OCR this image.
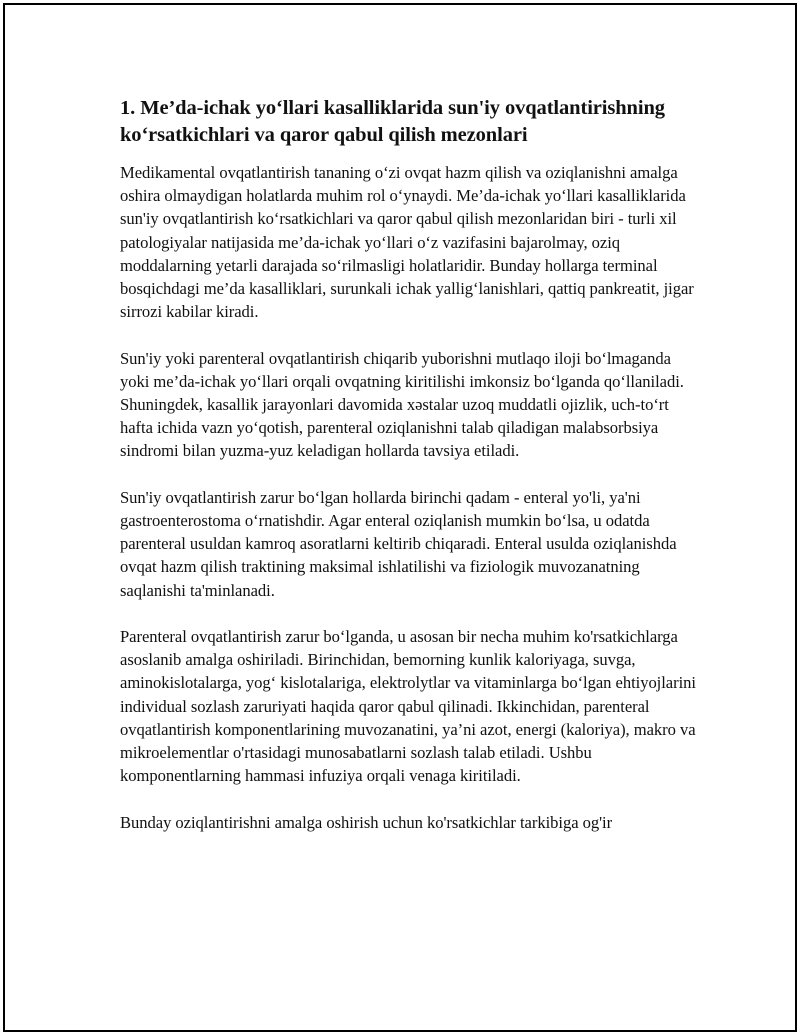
1. Me’da-ichak yo‘llari kasalliklarida sun'iy ovqatlantirishning ko‘rsatkichlari va qaror qabul qilish mezonlari

Medikamental ovqatlantirish tananing o‘zi ovqat hazm qilish va oziqlanishni amalga oshira olmaydigan holatlarda muhim rol o‘ynaydi. Me’da-ichak yo‘llari kasalliklarida sun'iy ovqatlantirish ko‘rsatkichlari va qaror qabul qilish mezonlaridan biri - turli xil patologiyalar natijasida me’da-ichak yo‘llari o‘z vazifasini bajarolmay, oziq moddalarning yetarli darajada so‘rilmasligi holatlaridir. Bunday hollarga terminal bosqichdagi me’da kasalliklari, surunkali ichak yallig‘lanishlari, qattiq pankreatit, jigar sirrozi kabilar kiradi.

Sun'iy yoki parenteral ovqatlantirish chiqarib yuborishni mutlaqo iloji bo‘lmaganda yoki me’da-ichak yo‘llari orqali ovqatning kiritilishi imkonsiz bo‘lganda qo‘llaniladi. Shuningdek, kasallik jarayonlari davomida xəstalar uzoq muddatli ojizlik, uch-to‘rt hafta ichida vazn yo‘qotish, parenteral oziqlanishni talab qiladigan malabsorbsiya sindromi bilan yuzma-yuz keladigan hollarda tavsiya etiladi.

Sun'iy ovqatlantirish zarur bo‘lgan hollarda birinchi qadam - enteral yo'li, ya'ni gastroenterostoma o‘rnatishdir. Agar enteral oziqlanish mumkin bo‘lsa, u odatda parenteral usuldan kamroq asoratlarni keltirib chiqaradi. Enteral usulda oziqlanishda ovqat hazm qilish traktining maksimal ishlatilishi va fiziologik muvozanatning saqlanishi ta'minlanadi.

Parenteral ovqatlantirish zarur bo‘lganda, u asosan bir necha muhim ko'rsatkichlarga asoslanib amalga oshiriladi. Birinchidan, bemorning kunlik kaloriyaga, suvga, aminokislotalarga, yog‘ kislotalariga, elektrolytlar va vitaminlarga bo‘lgan ehtiyojlarini individual sozlash zaruriyati haqida qaror qabul qilinadi. Ikkinchidan, parenteral ovqatlantirish komponentlarining muvozanatini, ya’ni azot, energi (kaloriya), makro va mikroelementlar o'rtasidagi munosabatlarni sozlash talab etiladi. Ushbu komponentlarning hammasi infuziya orqali venaga kiritiladi.

Bunday oziqlantirishni amalga oshirish uchun ko'rsatkichlar tarkibiga og'ir
